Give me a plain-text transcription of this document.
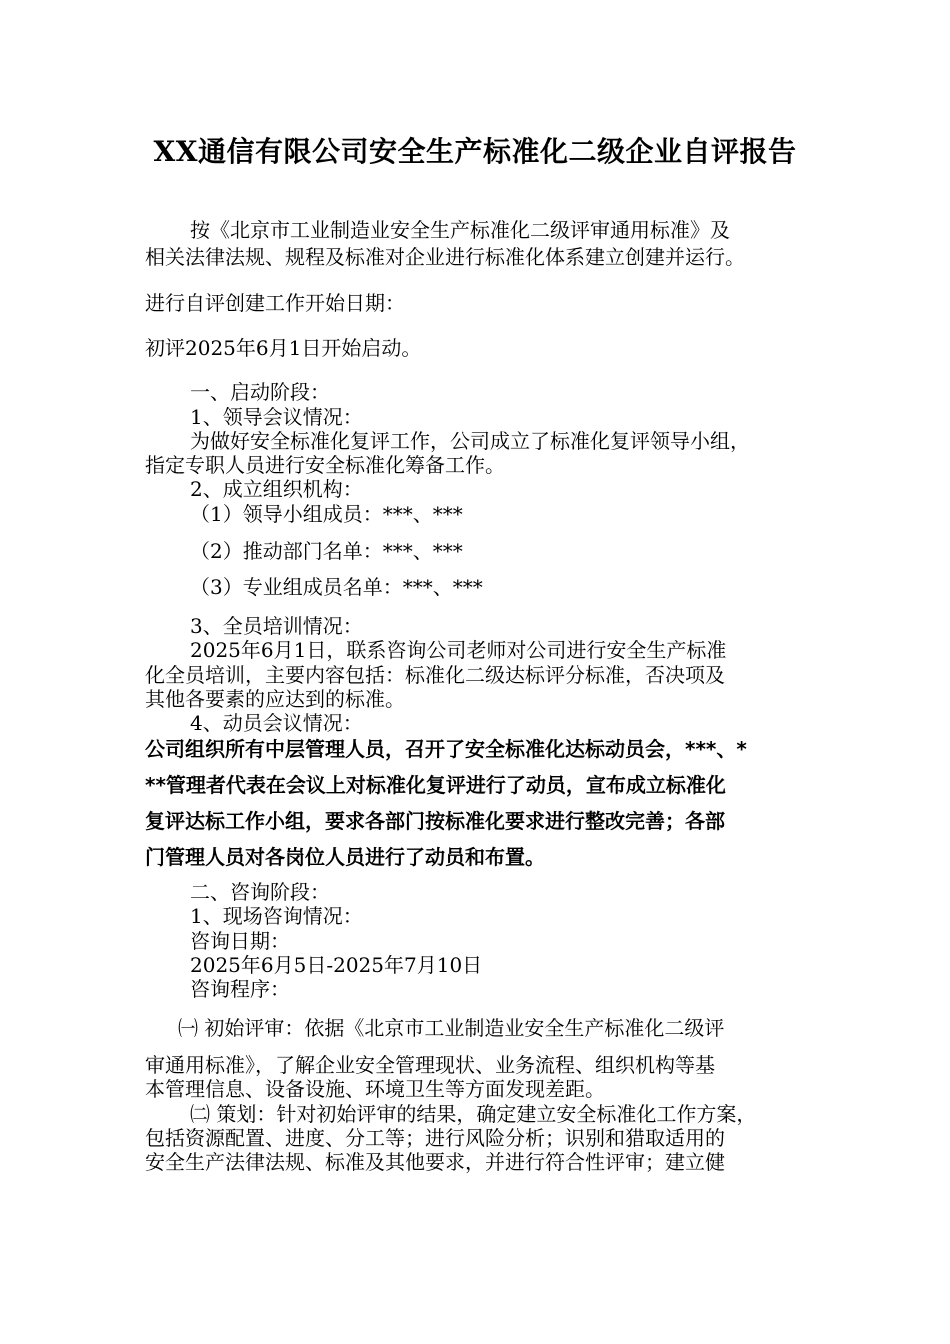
XX通信有限公司安全生产标准化二级企业自评报告
按《北京市工业制造业安全生产标准化二级评审通用标准》及
相关法律法规、规程及标准对企业进行标准化体系建立创建并运行。
进行自评创建工作开始日期：
初评2025年6月1日开始启动。
一、启动阶段：
1、领导会议情况：
为做好安全标准化复评工作，公司成立了标准化复评领导小组，
指定专职人员进行安全标准化筹备工作。
2、成立组织机构：
（1）领导小组成员：***、***
（2）推动部门名单：***、***
（3）专业组成员名单：***、***
3、全员培训情况：
2025年6月1日，联系咨询公司老师对公司进行安全生产标准
化全员培训，主要内容包括：标准化二级达标评分标准，否决项及
其他各要素的应达到的标准。
4、动员会议情况：
公司组织所有中层管理人员，召开了安全标准化达标动员会，***、*
**管理者代表在会议上对标准化复评进行了动员，宣布成立标准化
复评达标工作小组，要求各部门按标准化要求进行整改完善；各部
门管理人员对各岗位人员进行了动员和布置。
二、咨询阶段：
1、现场咨询情况：
咨询日期：
2025年6月5日-2025年7月10日
咨询程序：
㈠ 初始评审：依据《北京市工业制造业安全生产标准化二级评
审通用标准》，了解企业安全管理现状、业务流程、组织机构等基
本管理信息、设备设施、环境卫生等方面发现差距。
㈡ 策划：针对初始评审的结果，确定建立安全标准化工作方案，
包括资源配置、进度、分工等；进行风险分析；识别和猎取适用的
安全生产法律法规、标准及其他要求，并进行符合性评审；建立健
